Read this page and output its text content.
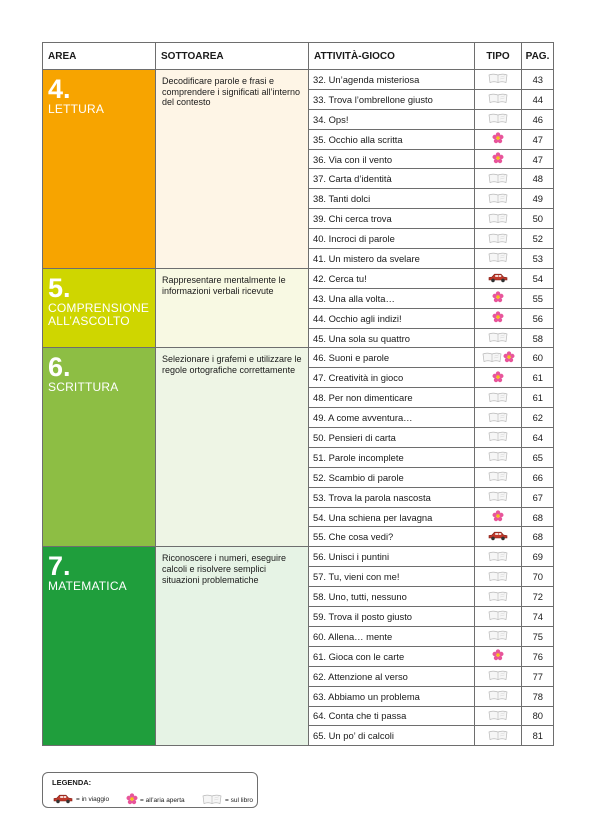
AREA	SOTTOAREA	ATTIVITÀ-GIOCO	TIPO	PAG.

4.
LETTURA	Decodificare parole e frasi e comprendere i significati all’interno del contesto	32. Un’agenda misteriosa		43
		33. Trova l’ombrellone giusto		44
		34. Ops!		46
		35. Occhio alla scritta		47
		36. Via con il vento		47
		37. Carta d’identità		48
		38. Tanti dolci		49
		39. Chi cerca trova		50
		40. Incroci di parole		52
		41. Un mistero da svelare		53

5.
COMPRENSIONE ALL’ASCOLTO	Rappresentare mentalmente le informazioni verbali ricevute	42. Cerca tu!		54
		43. Una alla volta…		55
		44. Occhio agli indizi!		56
		45. Una sola su quattro		58

6.
SCRITTURA	Selezionare i grafemi e utilizzare le regole ortografiche correttamente	46. Suoni e parole		60
		47. Creatività in gioco		61
		48. Per non dimenticare		61
		49. A come avventura…		62
		50. Pensieri di carta		64
		51. Parole incomplete		65
		52. Scambio di parole		66
		53. Trova la parola nascosta		67
		54. Una schiena per lavagna		68
		55. Che cosa vedi?		68

7.
MATEMATICA	Riconoscere i numeri, eseguire calcoli e risolvere semplici situazioni problematiche	56. Unisci i puntini		69
		57. Tu, vieni con me!		70
		58. Uno, tutti, nessuno		72
		59. Trova il posto giusto		74
		60. Allena… mente		75
		61. Gioca con le carte		76
		62. Attenzione al verso		77
		63. Abbiamo un problema		78
		64. Conta che ti passa		80
		65. Un po’ di calcoli		81
LEGENDA:
= in viaggio	= all’aria aperta	= sul libro
